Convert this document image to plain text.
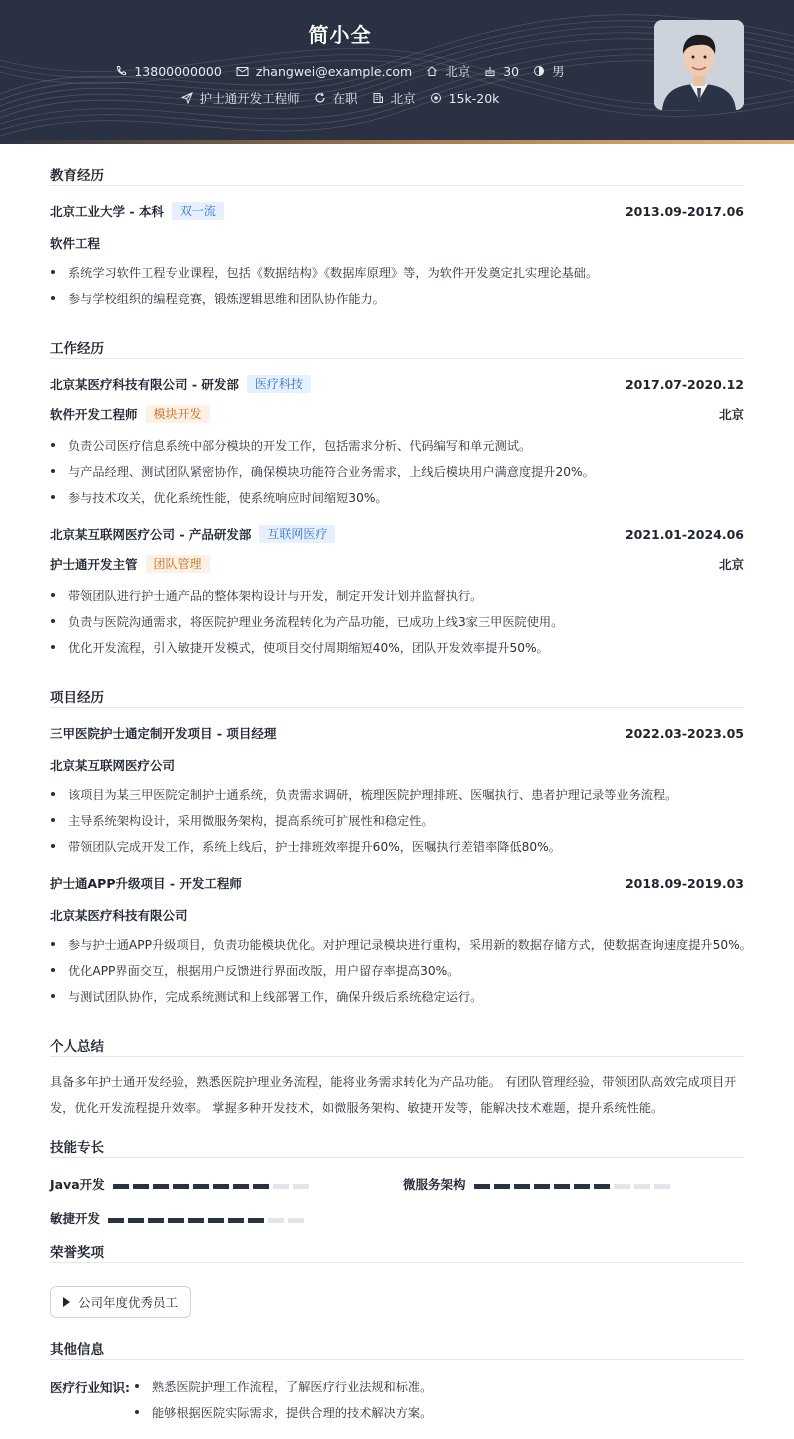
简小全
13800000000	zhangwei@example.com	北京	30	男
护士通开发工程师	在职	北京	15k-20k
教育经历
北京工业大学 - 本科	双一流	2013.09-2017.06
软件工程
系统学习软件工程专业课程，包括《数据结构》《数据库原理》等，为软件开发奠定扎实理论基础。
参与学校组织的编程竞赛，锻炼逻辑思维和团队协作能力。
工作经历
北京某医疗科技有限公司 - 研发部	医疗科技	2017.07-2020.12
软件开发工程师	模块开发	北京
负责公司医疗信息系统中部分模块的开发工作，包括需求分析、代码编写和单元测试。
与产品经理、测试团队紧密协作，确保模块功能符合业务需求，上线后模块用户满意度提升20%。
参与技术攻关，优化系统性能，使系统响应时间缩短30%。
北京某互联网医疗公司 - 产品研发部	互联网医疗	2021.01-2024.06
护士通开发主管	团队管理	北京
带领团队进行护士通产品的整体架构设计与开发，制定开发计划并监督执行。
负责与医院沟通需求，将医院护理业务流程转化为产品功能，已成功上线3家三甲医院使用。
优化开发流程，引入敏捷开发模式，使项目交付周期缩短40%，团队开发效率提升50%。
项目经历
三甲医院护士通定制开发项目 - 项目经理	2022.03-2023.05
北京某互联网医疗公司
该项目为某三甲医院定制护士通系统，负责需求调研，梳理医院护理排班、医嘱执行、患者护理记录等业务流程。
主导系统架构设计，采用微服务架构，提高系统可扩展性和稳定性。
带领团队完成开发工作，系统上线后，护士排班效率提升60%，医嘱执行差错率降低80%。
护士通APP升级项目 - 开发工程师	2018.09-2019.03
北京某医疗科技有限公司
参与护士通APP升级项目，负责功能模块优化。对护理记录模块进行重构，采用新的数据存储方式，使数据查询速度提升50%。
优化APP界面交互，根据用户反馈进行界面改版，用户留存率提高30%。
与测试团队协作，完成系统测试和上线部署工作，确保升级后系统稳定运行。
个人总结
具备多年护士通开发经验，熟悉医院护理业务流程，能将业务需求转化为产品功能。 有团队管理经验，带领团队高效完成项目开
发，优化开发流程提升效率。 掌握多种开发技术，如微服务架构、敏捷开发等，能解决技术难题，提升系统性能。
技能专长
Java开发	微服务架构
敏捷开发
荣誉奖项
公司年度优秀员工
其他信息
医疗行业知识:	熟悉医院护理工作流程，了解医疗行业法规和标准。
能够根据医院实际需求，提供合理的技术解决方案。
